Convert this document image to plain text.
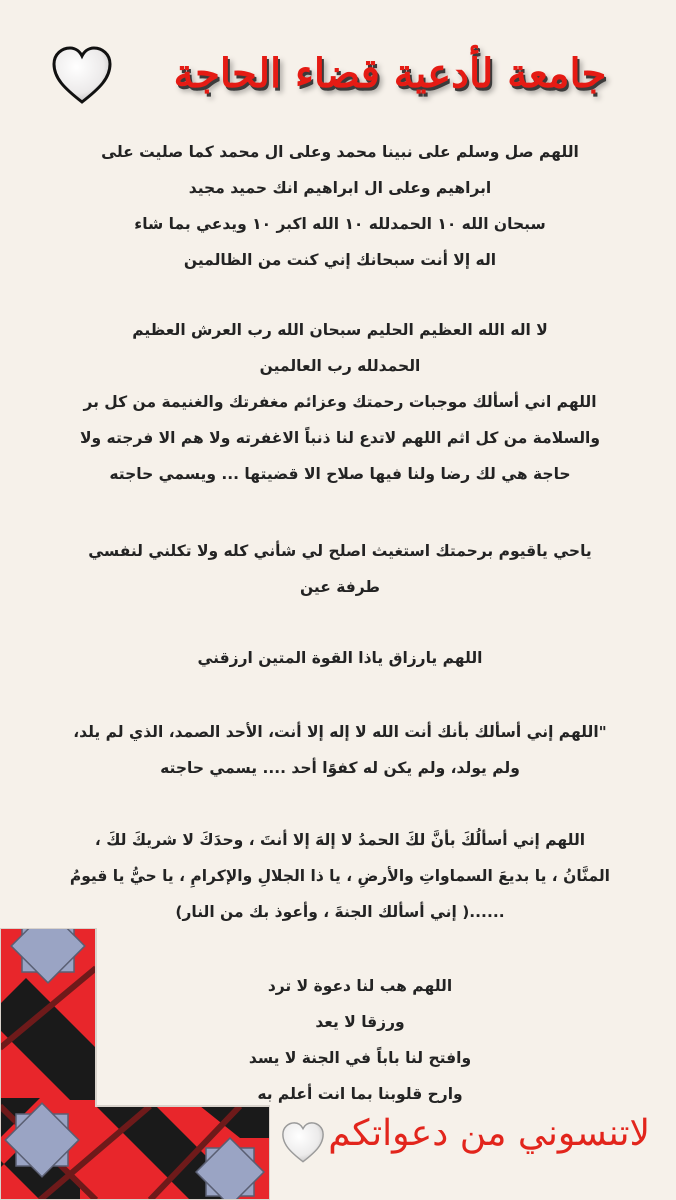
جامعة لأدعية قضاء الحاجة
اللهم صل وسلم على نبينا محمد وعلى ال محمد كما صليت على
ابراهيم وعلى ال ابراهيم انك حميد مجيد
سبحان الله ١٠ الحمدلله ١٠ الله اكبر ١٠ ويدعي بما شاء
اله إلا أنت سبحانك إني كنت من الظالمين
لا اله الله العظيم الحليم سبحان الله رب العرش العظيم
الحمدلله رب العالمين
اللهم اني أسألك موجبات رحمتك وعزائم مغفرتك والغنيمة من كل بر
والسلامة من كل اثم اللهم لاتدع لنا ذنباً الاغفرته ولا هم الا فرجته ولا
حاجة هي لك رضا ولنا فيها صلاح الا قضيتها ... ويسمي حاجته
ياحي ياقيوم برحمتك استغيث اصلح لي شأني كله ولا تكلني لنفسي
طرفة عين
اللهم يارزاق ياذا القوة المتين ارزقني
"اللهم إني أسألك بأنك أنت الله لا إله إلا أنت، الأحد الصمد، الذي لم يلد،
ولم يولد، ولم يكن له كفوًا أحد .... يسمي حاجته
اللهم إني أسألُكَ بأنَّ لكَ الحمدُ لا إلهَ إلا أنتَ ، وحدَكَ لا شريكَ لكَ ،
المنَّانُ ، يا بديعَ السماواتِ والأرضِ ، يا ذا الجلالِ والإكرامِ ، يا حيُّ يا قيومُ
......( إني أسألك الجنةَ ، وأعوذ بك من النار)
اللهم هب لنا دعوة لا ترد
ورزقا لا يعد
وافتح لنا باباً في الجنة لا يسد
وارح قلوبنا بما انت أعلم به
لاتنسوني من دعواتكم
